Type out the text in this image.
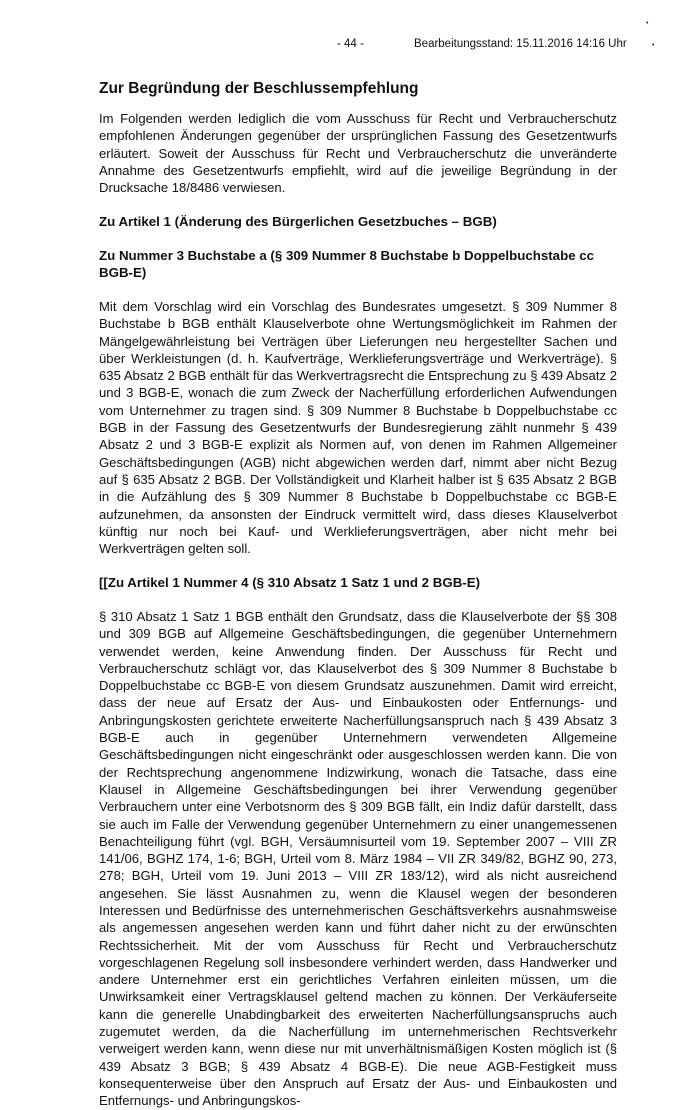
- 44 -	Bearbeitungsstand: 15.11.2016 14:16 Uhr
•
•
Zur Begründung der Beschlussempfehlung

Im Folgenden werden lediglich die vom Ausschuss für Recht und Verbraucherschutz empfohlenen Änderungen gegenüber der ursprünglichen Fassung des Gesetzentwurfs erläutert. Soweit der Ausschuss für Recht und Verbraucherschutz die unveränderte Annahme des Gesetzentwurfs empfiehlt, wird auf die jeweilige Begründung in der Drucksache 18/8486 verwiesen.

Zu Artikel 1 (Änderung des Bürgerlichen Gesetzbuches – BGB)
Zu Nummer 3 Buchstabe a (§ 309 Nummer 8 Buchstabe b Doppelbuchstabe cc BGB-E)

Mit dem Vorschlag wird ein Vorschlag des Bundesrates umgesetzt. § 309 Nummer 8 Buchstabe b BGB enthält Klauselverbote ohne Wertungsmöglichkeit im Rahmen der Mängelgewährleistung bei Verträgen über Lieferungen neu hergestellter Sachen und über Werkleistungen (d. h. Kaufverträge, Werklieferungsverträge und Werkverträge). § 635 Absatz 2 BGB enthält für das Werkvertragsrecht die Entsprechung zu § 439 Absatz 2 und 3 BGB-E, wonach die zum Zweck der Nacherfüllung erforderlichen Aufwendungen vom Unternehmer zu tragen sind. § 309 Nummer 8 Buchstabe b Doppelbuchstabe cc BGB in der Fassung des Gesetzentwurfs der Bundesregierung zählt nunmehr § 439 Absatz 2 und 3 BGB-E explizit als Normen auf, von denen im Rahmen Allgemeiner Geschäftsbedingungen (AGB) nicht abgewichen werden darf, nimmt aber nicht Bezug auf § 635 Absatz 2 BGB. Der Vollständigkeit und Klarheit halber ist § 635 Absatz 2 BGB in die Aufzählung des § 309 Nummer 8 Buchstabe b Doppelbuchstabe cc BGB-E aufzunehmen, da ansonsten der Eindruck vermittelt wird, dass dieses Klauselverbot künftig nur noch bei Kauf- und Werklieferungsverträgen, aber nicht mehr bei Werkverträgen gelten soll.

[[Zu Artikel 1 Nummer 4 (§ 310 Absatz 1 Satz 1 und 2 BGB-E)

§ 310 Absatz 1 Satz 1 BGB enthält den Grundsatz, dass die Klauselverbote der §§ 308 und 309 BGB auf Allgemeine Geschäftsbedingungen, die gegenüber Unternehmern verwendet werden, keine Anwendung finden. Der Ausschuss für Recht und Verbraucherschutz schlägt vor, das Klauselverbot des § 309 Nummer 8 Buchstabe b Doppelbuchstabe cc BGB-E von diesem Grundsatz auszunehmen. Damit wird erreicht, dass der neue auf Ersatz der Aus- und Einbaukosten oder Entfernungs- und Anbringungskosten gerichtete erweiterte Nacherfüllungsanspruch nach § 439 Absatz 3 BGB-E auch in gegenüber Unternehmern verwendeten Allgemeine Geschäftsbedingungen nicht eingeschränkt oder ausgeschlossen werden kann. Die von der Rechtsprechung angenommene Indizwirkung, wonach die Tatsache, dass eine Klausel in Allgemeine Geschäftsbedingungen bei ihrer Verwendung gegenüber Verbrauchern unter eine Verbotsnorm des § 309 BGB fällt, ein Indiz dafür darstellt, dass sie auch im Falle der Verwendung gegenüber Unternehmern zu einer unangemessenen Benachteiligung führt (vgl. BGH, Versäumnisurteil vom 19. September 2007 – VIII ZR 141/06, BGHZ 174, 1-6; BGH, Urteil vom 8. März 1984 – VII ZR 349/82, BGHZ 90, 273, 278; BGH, Urteil vom 19. Juni 2013 – VIII ZR 183/12), wird als nicht ausreichend angesehen. Sie lässt Ausnahmen zu, wenn die Klausel wegen der besonderen Interessen und Bedürfnisse des unternehmerischen Geschäftsverkehrs ausnahmsweise als angemessen angesehen werden kann und führt daher nicht zu der erwünschten Rechtssicherheit. Mit der vom Ausschuss für Recht und Verbraucherschutz vorgeschlagenen Regelung soll insbesondere verhindert werden, dass Handwerker und andere Unternehmer erst ein gerichtliches Verfahren einleiten müssen, um die Unwirksamkeit einer Vertragsklausel geltend machen zu können. Der Verkäuferseite kann die generelle Unabdingbarkeit des erweiterten Nacherfüllungsanspruchs auch zugemutet werden, da die Nacherfüllung im unternehmerischen Rechtsverkehr verweigert werden kann, wenn diese nur mit unverhältnismäßigen Kosten möglich ist (§ 439 Absatz 3 BGB; § 439 Absatz 4 BGB-E). Die neue AGB-Festigkeit muss konsequenterweise über den Anspruch auf Ersatz der Aus- und Einbaukosten und Entfernungs- und Anbringungskos-
